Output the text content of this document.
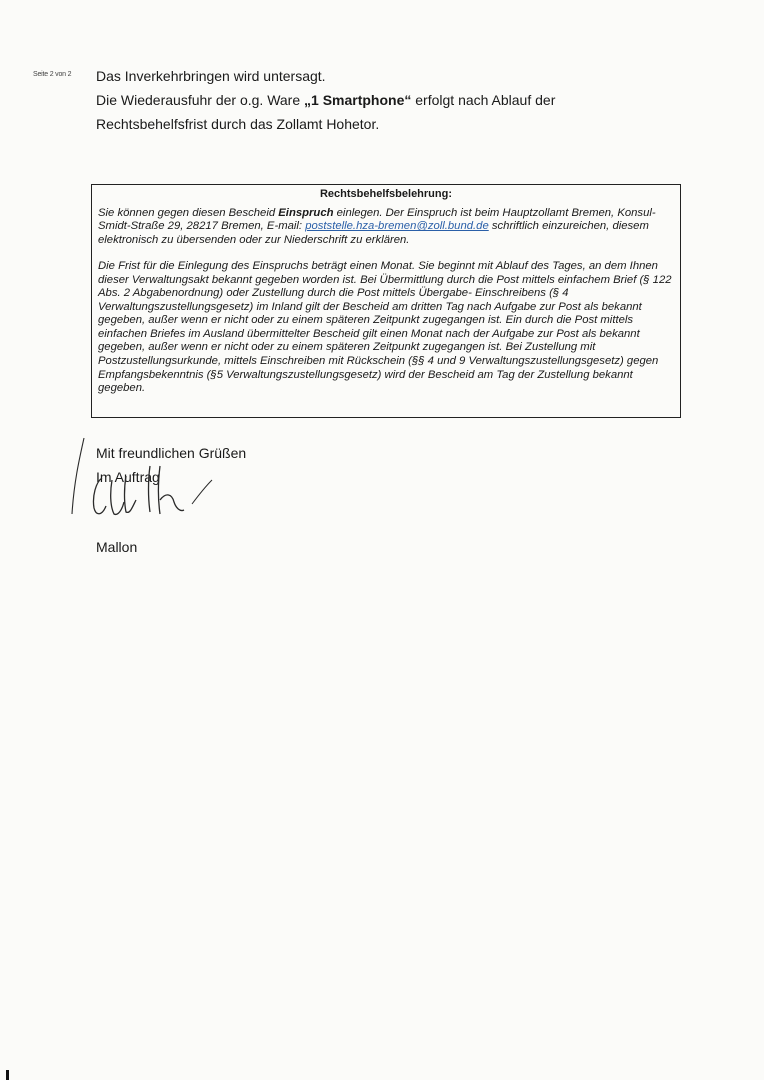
Seite 2 von 2 Das Inverkehrbringen wird untersagt.

Die Wiederausfuhr der o.g. Ware „1 Smartphone“ erfolgt nach Ablauf der

Rechtsbehelfsfrist durch das Zollamt Hohetor.

Rechtsbehelfsbelehrung:

Sie können gegen diesen Bescheid Einspruch einlegen. Der Einspruch ist beim Hauptzollamt Bremen, Konsul-Smidt-Straße 29, 28217 Bremen, E-mail: poststelle.hza-bremen@zoll.bund.de schriftlich einzureichen, diesem elektronisch zu übersenden oder zur Niederschrift zu erklären.

Die Frist für die Einlegung des Einspruchs beträgt einen Monat. Sie beginnt mit Ablauf des Tages, an dem Ihnen dieser Verwaltungsakt bekannt gegeben worden ist. Bei Übermittlung durch die Post mittels einfachem Brief (§ 122 Abs. 2 Abgabenordnung) oder Zustellung durch die Post mittels Übergabe- Einschreibens (§ 4 Verwaltungszustellungsgesetz) im Inland gilt der Bescheid am dritten Tag nach Aufgabe zur Post als bekannt gegeben, außer wenn er nicht oder zu einem späteren Zeitpunkt zugegangen ist. Ein durch die Post mittels einfachen Briefes im Ausland übermittelter Bescheid gilt einen Monat nach der Aufgabe zur Post als bekannt gegeben, außer wenn er nicht oder zu einem späteren Zeitpunkt zugegangen ist. Bei Zustellung mit Postzustellungsurkunde, mittels Einschreiben mit Rückschein (§§ 4 und 9 Verwaltungszustellungsgesetz) gegen Empfangsbekenntnis (§5 Verwaltungszustellungsgesetz) wird der Bescheid am Tag der Zustellung bekannt gegeben.

Mit freundlichen Grüßen

Im Auftrag

Mallon
